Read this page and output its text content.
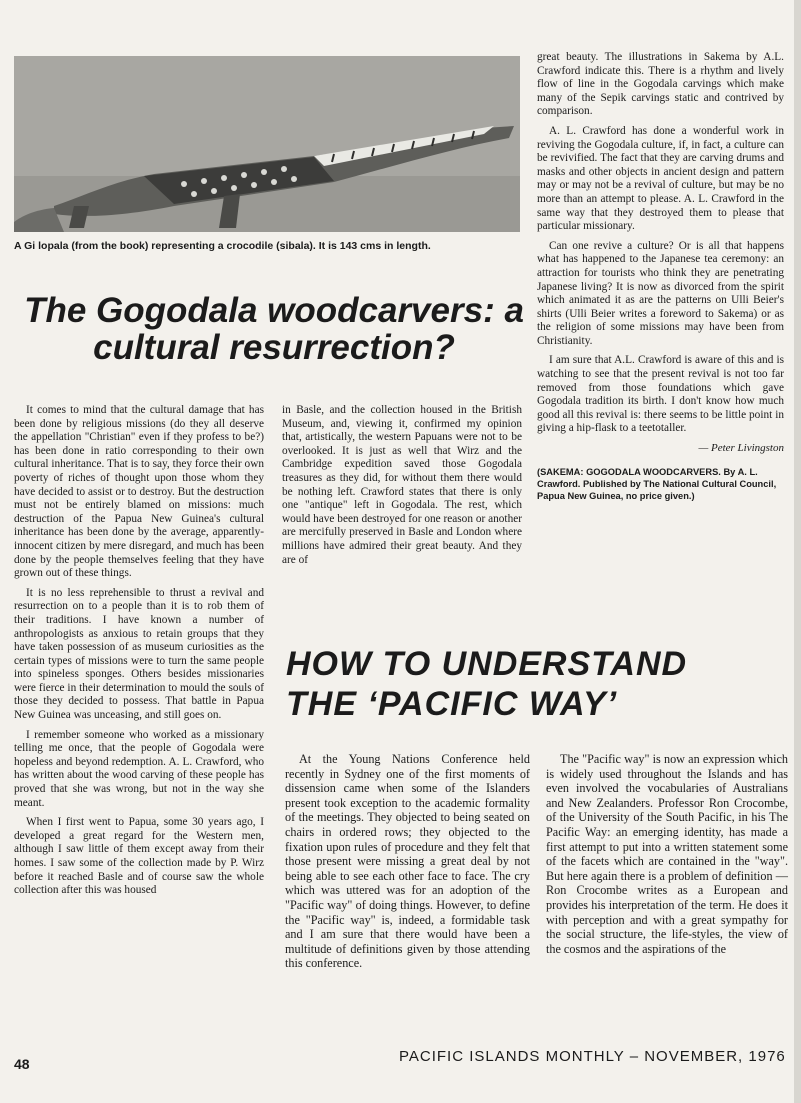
A Gi lopala (from the book) representing a crocodile (sibala). It is 143 cms in length.
The Gogodala woodcarvers: a cultural resurrection?

It comes to mind that the cultural damage that has been done by religious missions (do they all deserve the appellation "Christian" even if they profess to be?) has been done in ratio corresponding to their own cultural inheritance. That is to say, they force their own poverty of riches of thought upon those whom they have decided to assist or to destroy. But the destruction must not be entirely blamed on missions: much destruction of the Papua New Guinea's cultural inheritance has been done by the average, apparently-innocent citizen by mere disregard, and much has been done by the people themselves feeling that they have grown out of these things.

It is no less reprehensible to thrust a revival and resurrection on to a people than it is to rob them of their traditions. I have known a number of anthropologists as anxious to retain groups that they have taken possession of as museum curiosities as the certain types of missions were to turn the same people into spineless sponges. Others besides missionaries were fierce in their determination to mould the souls of those they decided to possess. That battle in Papua New Guinea was unceasing, and still goes on.

I remember someone who worked as a missionary telling me once, that the people of Gogodala were hopeless and beyond redemption. A. L. Crawford, who has written about the wood carving of these people has proved that she was wrong, but not in the way she meant.

When I first went to Papua, some 30 years ago, I developed a great regard for the Western men, although I saw little of them except away from their homes. I saw some of the collection made by P. Wirz before it reached Basle and of course saw the whole collection after this was housed

in Basle, and the collection housed in the British Museum, and, viewing it, confirmed my opinion that, artistically, the western Papuans were not to be overlooked. It is just as well that Wirz and the Cambridge expedition saved those Gogodala treasures as they did, for without them there would be nothing left. Crawford states that there is only one "antique" left in Gogodala. The rest, which would have been destroyed for one reason or another are mercifully preserved in Basle and London where millions have admired their great beauty. And they are of

great beauty. The illustrations in Sakema by A.L. Crawford indicate this. There is a rhythm and lively flow of line in the Gogodala carvings which make many of the Sepik carvings static and contrived by comparison.

A. L. Crawford has done a wonderful work in reviving the Gogodala culture, if, in fact, a culture can be revivified. The fact that they are carving drums and masks and other objects in ancient design and pattern may or may not be a revival of culture, but may be no more than an attempt to please. A. L. Crawford in the same way that they destroyed them to please that particular missionary.

Can one revive a culture? Or is all that happens what has happened to the Japanese tea ceremony: an attraction for tourists who think they are penetrating Japanese living? It is now as divorced from the spirit which animated it as are the patterns on Ulli Beier's shirts (Ulli Beier writes a foreword to Sakema) or as the religion of some missions may have been from Christianity.

I am sure that A.L. Crawford is aware of this and is watching to see that the present revival is not too far removed from those foundations which gave Gogodala tradition its birth. I don't know how much good all this revival is: there seems to be little point in giving a hip-flask to a teetotaller.

— Peter Livingston
(SAKEMA: GOGODALA WOODCARVERS. By A. L. Crawford. Published by The National Cultural Council, Papua New Guinea, no price given.)
HOW TO UNDERSTAND
THE ‘PACIFIC WAY’

At the Young Nations Conference held recently in Sydney one of the first moments of dissension came when some of the Islanders present took exception to the academic formality of the meetings. They objected to being seated on chairs in ordered rows; they objected to the fixation upon rules of procedure and they felt that those present were missing a great deal by not being able to see each other face to face. The cry which was uttered was for an adoption of the "Pacific way" of doing things. However, to define the "Pacific way" is, indeed, a formidable task and I am sure that there would have been a multitude of definitions given by those attending this conference.

The "Pacific way" is now an expression which is widely used throughout the Islands and has even involved the vocabularies of Australians and New Zealanders. Professor Ron Crocombe, of the University of the South Pacific, in his The Pacific Way: an emerging identity, has made a first attempt to put into a written statement some of the facets which are contained in the "way". But here again there is a problem of definition — Ron Crocombe writes as a European and provides his interpretation of the term. He does it with perception and with a great sympathy for the social structure, the life-styles, the view of the cosmos and the aspirations of the

48	PACIFIC ISLANDS MONTHLY – NOVEMBER, 1976
